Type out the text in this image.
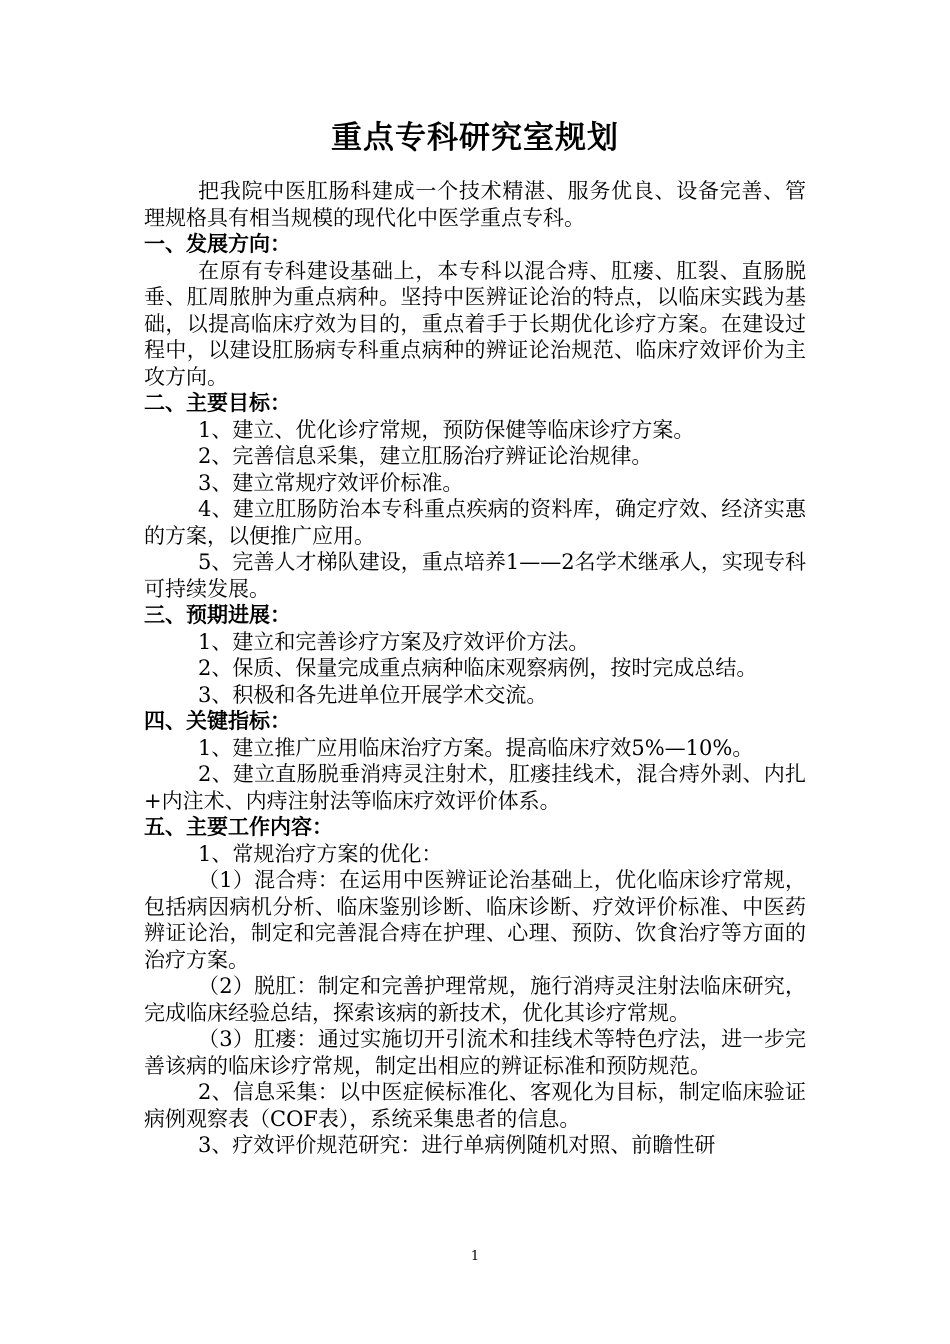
重点专科研究室规划

把我院中医肛肠科建成一个技术精湛、服务优良、设备完善、管理规格具有相当规模的现代化中医学重点专科。

一、发展方向：

在原有专科建设基础上，本专科以混合痔、肛瘘、肛裂、直肠脱垂、肛周脓肿为重点病种。坚持中医辨证论治的特点，以临床实践为基础，以提高临床疗效为目的，重点着手于长期优化诊疗方案。在建设过程中，以建设肛肠病专科重点病种的辨证论治规范、临床疗效评价为主攻方向。

二、主要目标：

1、建立、优化诊疗常规，预防保健等临床诊疗方案。

2、完善信息采集，建立肛肠治疗辨证论治规律。

3、建立常规疗效评价标准。

4、建立肛肠防治本专科重点疾病的资料库，确定疗效、经济实惠的方案，以便推广应用。

5、完善人才梯队建设，重点培养1——2名学术继承人，实现专科可持续发展。

三、预期进展：

1、建立和完善诊疗方案及疗效评价方法。

2、保质、保量完成重点病种临床观察病例，按时完成总结。

3、积极和各先进单位开展学术交流。

四、关键指标：

1、建立推广应用临床治疗方案。提高临床疗效5%—10%。

2、建立直肠脱垂消痔灵注射术，肛瘘挂线术，混合痔外剥、内扎+内注术、内痔注射法等临床疗效评价体系。

五、主要工作内容：

1、常规治疗方案的优化：

（1）混合痔：在运用中医辨证论治基础上，优化临床诊疗常规，包括病因病机分析、临床鉴别诊断、临床诊断、疗效评价标准、中医药辨证论治，制定和完善混合痔在护理、心理、预防、饮食治疗等方面的治疗方案。

（2）脱肛：制定和完善护理常规，施行消痔灵注射法临床研究，完成临床经验总结，探索该病的新技术，优化其诊疗常规。

（3）肛瘘：通过实施切开引流术和挂线术等特色疗法，进一步完善该病的临床诊疗常规，制定出相应的辨证标准和预防规范。

2、信息采集：以中医症候标准化、客观化为目标，制定临床验证病例观察表（COF表），系统采集患者的信息。

3、疗效评价规范研究：进行单病例随机对照、前瞻性研

1
